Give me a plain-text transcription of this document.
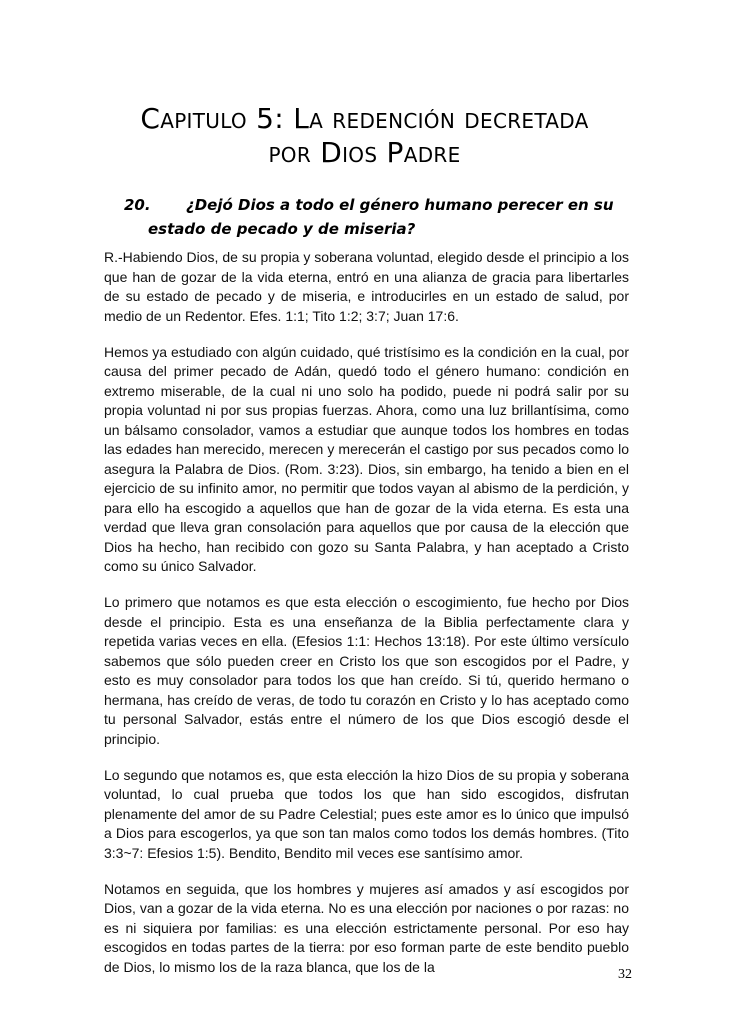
Capitulo 5: La redención decretada
por Dios Padre
20. ¿Dejó Dios a todo el género humano perecer en su
estado de pecado y de miseria?

R.-Habiendo Dios, de su propia y soberana voluntad, elegido desde el principio a los que han de gozar de la vida eterna, entró en una alianza de gracia para libertarles de su estado de pecado y de miseria, e introducirles en un estado de salud, por medio de un Redentor. Efes. 1:1; Tito 1:2; 3:7; Juan 17:6.

Hemos ya estudiado con algún cuidado, qué tristísimo es la condición en la cual, por causa del primer pecado de Adán, quedó todo el género humano: condición en extremo miserable, de la cual ni uno solo ha podido, puede ni podrá salir por su propia voluntad ni por sus propias fuerzas. Ahora, como una luz brillantísima, como un bálsamo consolador, vamos a estudiar que aunque todos los hombres en todas las edades han merecido, merecen y merecerán el castigo por sus pecados como lo asegura la Palabra de Dios. (Rom. 3:23). Dios, sin embargo, ha tenido a bien en el ejercicio de su infinito amor, no permitir que todos vayan al abismo de la perdición, y para ello ha escogido a aquellos que han de gozar de la vida eterna. Es esta una verdad que lleva gran consolación para aquellos que por causa de la elección que Dios ha hecho, han recibido con gozo su Santa Palabra, y han aceptado a Cristo como su único Salvador.

Lo primero que notamos es que esta elección o escogimiento, fue hecho por Dios desde el principio. Esta es una enseñanza de la Biblia perfectamente clara y repetida varias veces en ella. (Efesios 1:1: Hechos 13:18). Por este último versículo sabemos que sólo pueden creer en Cristo los que son escogidos por el Padre, y esto es muy consolador para todos los que han creído. Si tú, querido hermano o hermana, has creído de veras, de todo tu corazón en Cristo y lo has aceptado como tu personal Salvador, estás entre el número de los que Dios escogió desde el principio.

Lo segundo que notamos es, que esta elección la hizo Dios de su propia y soberana voluntad, lo cual prueba que todos los que han sido escogidos, disfrutan plenamente del amor de su Padre Celestial; pues este amor es lo único que impulsó a Dios para escogerlos, ya que son tan malos como todos los demás hombres. (Tito 3:3~7: Efesios 1:5). Bendito, Bendito mil veces ese santísimo amor.

Notamos en seguida, que los hombres y mujeres así amados y así escogidos por Dios, van a gozar de la vida eterna. No es una elección por naciones o por razas: no es ni siquiera por familias: es una elección estrictamente personal. Por eso hay escogidos en todas partes de la tierra: por eso forman parte de este bendito pueblo de Dios, lo mismo los de la raza blanca, que los de la	32
